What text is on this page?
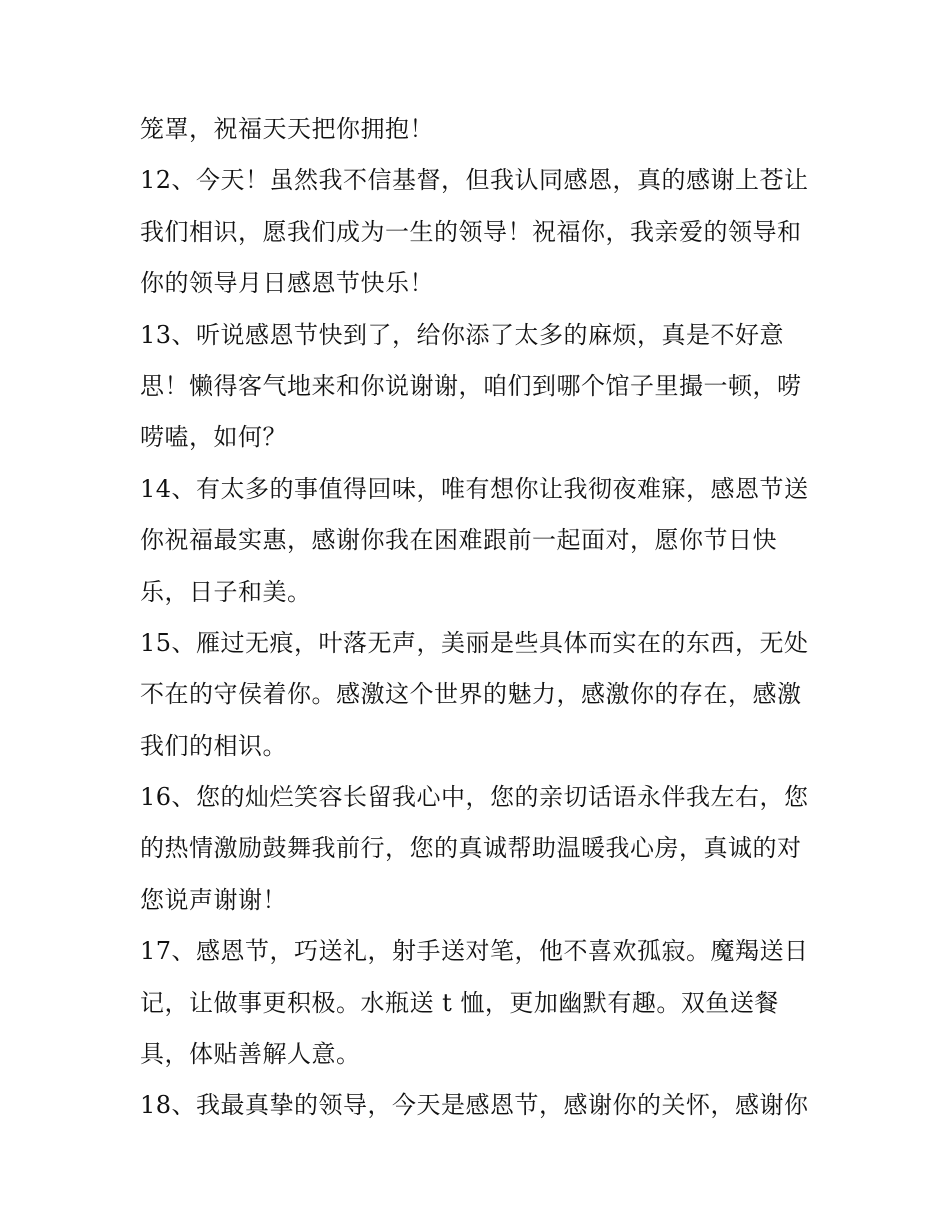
笼罩，祝福天天把你拥抱！
12、今天！虽然我不信基督，但我认同感恩，真的感谢上苍让
我们相识，愿我们成为一生的领导！祝福你，我亲爱的领导和
你的领导月日感恩节快乐！
13、听说感恩节快到了，给你添了太多的麻烦，真是不好意
思！懒得客气地来和你说谢谢，咱们到哪个馆子里撮一顿，唠
唠嗑，如何？
14、有太多的事值得回味，唯有想你让我彻夜难寐，感恩节送
你祝福最实惠，感谢你我在困难跟前一起面对，愿你节日快
乐，日子和美。
15、雁过无痕，叶落无声，美丽是些具体而实在的东西，无处
不在的守侯着你。感激这个世界的魅力，感激你的存在，感激
我们的相识。
16、您的灿烂笑容长留我心中，您的亲切话语永伴我左右，您
的热情激励鼓舞我前行，您的真诚帮助温暖我心房，真诚的对
您说声谢谢！
17、感恩节，巧送礼，射手送对笔，他不喜欢孤寂。魔羯送日
记，让做事更积极。水瓶送 t 恤，更加幽默有趣。双鱼送餐
具，体贴善解人意。
18、我最真挚的领导，今天是感恩节，感谢你的关怀，感谢你
